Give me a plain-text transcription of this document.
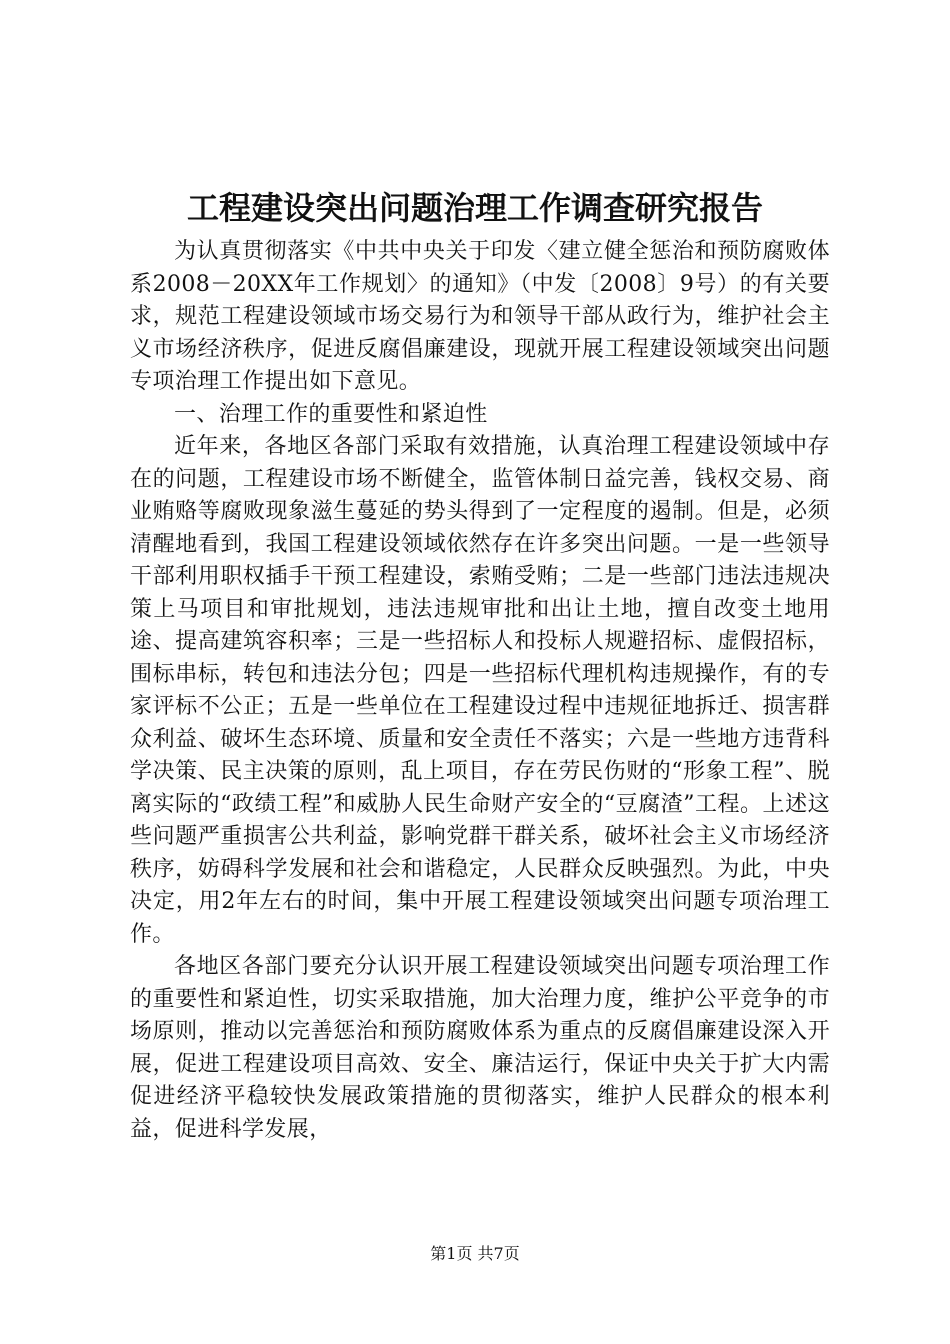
工程建设突出问题治理工作调查研究报告

为认真贯彻落实《中共中央关于印发〈建立健全惩治和预防腐败体系2008－20XX年工作规划〉的通知》（中发〔2008〕9号）的有关要求，规范工程建设领域市场交易行为和领导干部从政行为，维护社会主义市场经济秩序，促进反腐倡廉建设，现就开展工程建设领域突出问题专项治理工作提出如下意见。

一、治理工作的重要性和紧迫性

近年来，各地区各部门采取有效措施，认真治理工程建设领域中存在的问题，工程建设市场不断健全，监管体制日益完善，钱权交易、商业贿赂等腐败现象滋生蔓延的势头得到了一定程度的遏制。但是，必须清醒地看到，我国工程建设领域依然存在许多突出问题。一是一些领导干部利用职权插手干预工程建设，索贿受贿；二是一些部门违法违规决策上马项目和审批规划，违法违规审批和出让土地，擅自改变土地用途、提高建筑容积率；三是一些招标人和投标人规避招标、虚假招标，围标串标，转包和违法分包；四是一些招标代理机构违规操作，有的专家评标不公正；五是一些单位在工程建设过程中违规征地拆迁、损害群众利益、破坏生态环境、质量和安全责任不落实；六是一些地方违背科学决策、民主决策的原则，乱上项目，存在劳民伤财的“形象工程”、脱离实际的“政绩工程”和威胁人民生命财产安全的“豆腐渣”工程。上述这些问题严重损害公共利益，影响党群干群关系，破坏社会主义市场经济秩序，妨碍科学发展和社会和谐稳定，人民群众反映强烈。为此，中央决定，用2年左右的时间，集中开展工程建设领域突出问题专项治理工作。

各地区各部门要充分认识开展工程建设领域突出问题专项治理工作的重要性和紧迫性，切实采取措施，加大治理力度，维护公平竞争的市场原则，推动以完善惩治和预防腐败体系为重点的反腐倡廉建设深入开展，促进工程建设项目高效、安全、廉洁运行，保证中央关于扩大内需促进经济平稳较快发展政策措施的贯彻落实，维护人民群众的根本利益，促进科学发展，

第1页 共7页
